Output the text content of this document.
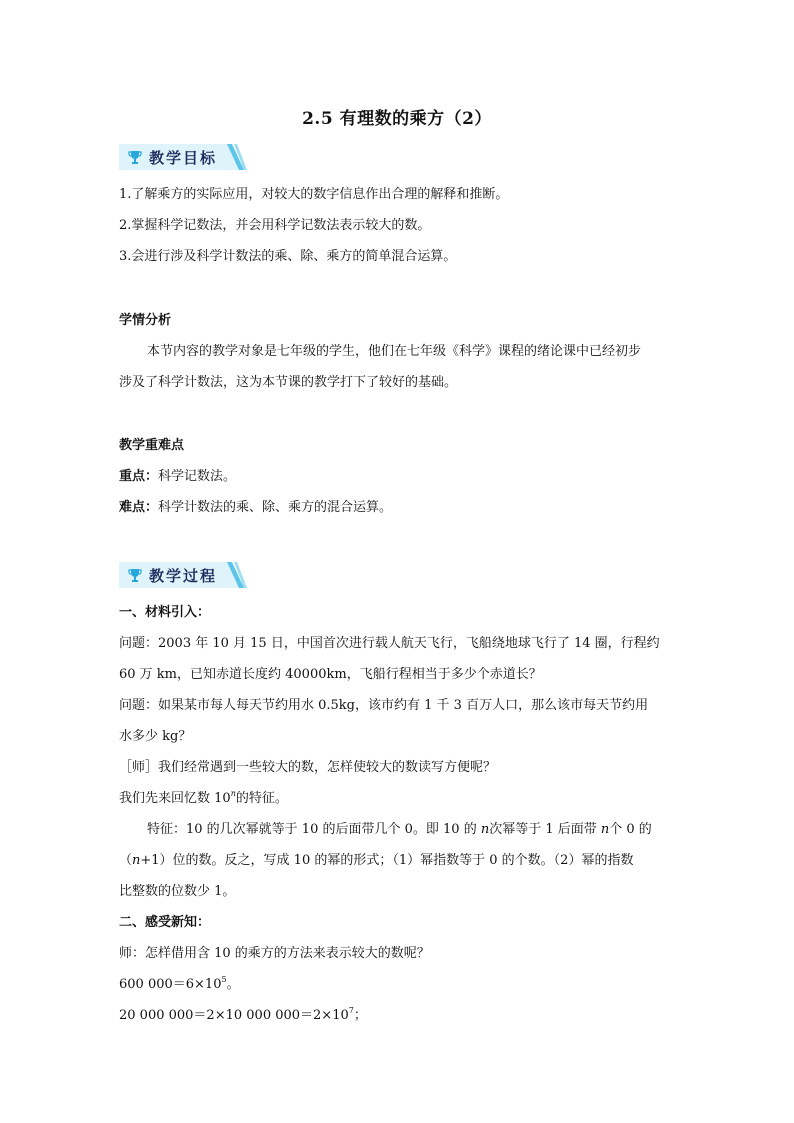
2.5 有理数的乘方（2）
教学目标
1.了解乘方的实际应用，对较大的数字信息作出合理的解释和推断。
2.掌握科学记数法，并会用科学记数法表示较大的数。
3.会进行涉及科学计数法的乘、除、乘方的简单混合运算。
学情分析
本节内容的教学对象是七年级的学生，他们在七年级《科学》课程的绪论课中已经初步
涉及了科学计数法，这为本节课的教学打下了较好的基础。
教学重难点
重点：科学记数法。
难点：科学计数法的乘、除、乘方的混合运算。
教学过程
一、材料引入：
问题：2003 年 10 月 15 日，中国首次进行载人航天飞行，飞船绕地球飞行了 14 圈，行程约
60 万 km，已知赤道长度约 40000km，飞船行程相当于多少个赤道长？
问题：如果某市每人每天节约用水 0.5kg，该市约有 1 千 3 百万人口，那么该市每天节约用
水多少 kg？
［师］我们经常遇到一些较大的数，怎样使较大的数读写方便呢？
我们先来回忆数 10$^n$的特征。
特征：10 的几次幂就等于 10 的后面带几个 0。即 10 的 n次幂等于 1 后面带 n个 0 的
（n+1）位的数。反之，写成 10 的幂的形式；（1）幂指数等于 0 的个数。（2）幂的指数
比整数的位数少 1。
二、感受新知：
师：怎样借用含 10 的乘方的方法来表示较大的数呢？
600 $000=6\times 10^5$。
20 000 000＝2×10 000 $000=2\times 10^7$；
